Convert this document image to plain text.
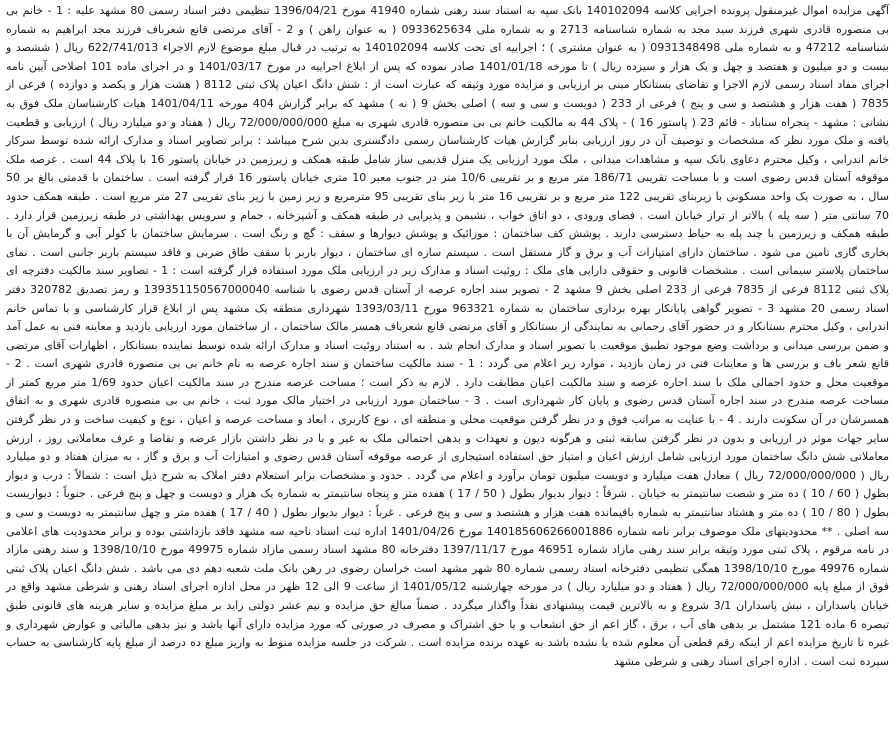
آگهی مزایده اموال غیرمنقول پرونده اجرایی کلاسه 140102094 بانک سپه به استناد سند رهنی شماره 41940 مورخ 1396/04/21 تنظیمی دفتر اسناد رسمی 80 مشهد علیه : 1 - خانم بی بی منصوره قادری شهری فرزند سید مجد به شماره شناسنامه 2713 و به شماره ملی 0933625634 ( به عنوان راهن ) و 2 - آقای مرتضی قانع شعرباف فرزند مجد ابراهیم به شماره شناسنامه 47212 و به شماره ملی 0931348498 ( به عنوان مشتری ) ؛ اجراییه ای تحت کلاسه 140102094 به ترتیب در قبال مبلغ موضوع لازم الاجراء 622/741/013 ریال ( ششصد و بیست و دو میلیون و هفتصد و چهل و یک هزار و سیزده ریال ) تا مورخه 1401/01/18 صادر نموده که پس از ابلاغ اجراییه در مورخ 1401/03/17 و در اجرای ماده 101 اصلاحی آیین نامه اجرای مفاد اسناد رسمی لازم الاجرا و تقاضای بستانکار مبنی بر ارزیابی و مزایده مورد وثیقه که عبارت است از : شش دانگ اعیان پلاک ثبتی 8112 ( هشت هزار و یکصد و دوازده ) فرعی از 7835 ( هفت هزار و هشتصد و سی و پنج ) فرعی از 233 ( دویست و سی و سه ) اصلی بخش 9 ( نه ) مشهد که برابر گزارش 404 مورخه 1401/04/11 هیات کارشناسان ملک فوق به نشانی : مشهد - پنجراه سناباد - قائم 23 ( پاستور 16 ) - پلاک 44 به مالکیت خانم بی بی منصوره قادری شهری به مبلغ 72/000/000/000 ریال ( هفتاد و دو میلیارد ریال ) ارزیابی و قطعیت یافته و ملک مورد نظر که مشخصات و توصیف آن در روز ارزیابی بنابر گزارش هیات کارشناسان رسمی دادگستری بدین شرح میباشد : برابر تصاویر اسناد و مدارک ارائه شده توسط سرکار خانم اندرابی ، وکیل محترم دعاوی بانک سپه و مشاهدات میدانی ، ملک مورد ارزیابی یک منزل قدیمی ساز شامل طبقه همکف و زیرزمین در خیابان پاستور 16 با پلاک 44 است . عرصه ملک موقوفه آستان قدس رضوی است و با مساحت تقریبی 186/71 متر مربع و بر تقریبی 10/6 متر در جنوب معبر 10 متری خیابان پاستور 16 قرار گرفته است . ساختمان با قدمتی بالغ بر 50 سال ، به صورت یک واحد مسکونی با زیربنای تقریبی 122 متر مربع و بر تقریبی 16 متر با زیر بنای تقریبی 95 مترمربع و زیر زمین با زیر بنای تقریبی 27 متر مربع است . طبقه همکف حدود 70 سانتی متر ( سه پله ) بالاتر از تراز خیابان است . فضای ورودی ، دو اتاق خواب ، نشیمن و پذیرایی در طبقه همکف و آشپزخانه ، حمام و سرویس بهداشتی در طبقه زیرزمین قرار دارد . طبقه همکف و زیرزمین با چند پله به حیاط دسترسی دارند . پوشش کف ساختمان : موزائیک و پوشش دیوارها و سقف : گچ و رنگ است . سرمایش ساختمان با کولر آبی و گرمایش آن با بخاری گازی تامین می شود . ساختمان دارای امتیازات آب و برق و گاز مستقل است . سیستم سازه ای ساختمان ، دیوار باربر با سقف طاق ضربی و فاقد سیستم باربر جانبی است . نمای ساختمان پلاستر سیمانی است . مشخصات قانونی و حقوقی دارایی های ملک : روئیت اسناد و مدارک زیر در ارزیابی ملک مورد استفاده قرار گرفته است : 1 - تصاویر سند مالکیت دفترچه ای پلاک ثبتی 8112 فرعی از 7835 فرعی از 233 اصلی بخش 9 مشهد 2 - تصویر سند اجاره عرصه از آستان قدس رضوی با شناسه 13935115056700004​0 و رمز تصدیق 320782 دفتر اسناد رسمی 20 مشهد 3 - تصویر گواهی پایانکار بهره برداری ساختمان به شماره 963321 مورخ 1393/03/11 شهرداری منطقه یک مشهد پس از ابلاغ قرار کارشناسی و با تماس خانم اندرابی ، وکیل محترم بستانکار و در حضور آقای رحمانی به نمایندگی از بستانکار و آقای مرتضی قانع شعرباف همسر مالک ساختمان ، از ساختمان مورد ارزیابی بازدید و معاینه فنی به عمل آمد و ضمن بررسی میدانی و برداشت وضع موجود تطبیق موقعیت با تصویر اسناد و مدارک انجام شد . به استناد روئیت اسناد و مدارک ارائه شده توسط نماینده بستانکار ، اظهارات آقای مرتضی قانع شعر باف و بررسی ها و معاینات فنی در زمان بازدید ، موارد زیر اعلام می گردد : 1 - سند مالکیت ساختمان و سند اجاره عرصه به نام خانم بی بی منصوره قادری شهری است . 2 - موقعیت محل و حدود اجمالی ملک با سند اجاره عرصه و سند مالکیت اعیان مطابقت دارد . لازم به ذکر است ؛ مساحت عرصه مندرج در سند مالکیت اعیان حدود 1/69 متر مربع کمتر از مساحت عرصه مندرج در سند اجاره آستان قدس رضوی و پایان کار شهرداری است . 3 - ساختمان مورد ارزیابی در اختیار مالک مورد ثبت ، خانم بی بی منصوره قادری شهری و به اتفاق همسرشان در آن سکونت دارند . 4 - با عنایت به مراتب فوق و در نظر گرفتن موقعیت محلی و منطقه ای ، نوع کاربری ، ابعاد و مساحت عرصه و اعیان ، نوع و کیفیت ساخت و در نظر گرفتن سایر جهات موثر در ارزیابی و بدون در نظر گرفتن سابقه ثبتی و هرگونه دیون و تعهدات و بدهی احتمالی ملک به غیر و با در نظر داشتن بازار عرضه و تقاضا و عرف معاملاتی روز ، ارزش معاملاتی شش دانگ ساختمان مورد ارزیابی شامل ارزش اعیان و امتیاز حق استفاده استیجاری از عرصه موقوفه آستان قدس رضوی و امتیازات آب و برق و گاز ، به میزان هفتاد و دو میلیارد ریال ( 72/000/000/000 ریال ) معادل هفت میلیارد و دویست میلیون تومان برآورد و اعلام می گردد . حدود و مشخصات برابر استعلام دفتر املاک به شرح ذیل است : شمالاً : درب و دیوار بطول ( 60 / 10 ) ده متر و شصت سانتیمتر به خیابان . شرقاً : دیوار بدیوار بطول ( 50 / 17 ) هفده متر و پنجاه سانتیمتر به شماره یک هزار و دویست و چهل و پنج فرعی . جنوباً : دیواریست بطول ( 80 / 10 ) ده متر و هشتاد سانتیمتر به شماره باقیمانده هفت هزار و هشتصد و سی و پنج فرعی . غرباً : دیوار بدیوار بطول ( 40 / 17 ) هفده متر و چهل سانتیمتر به دویست و سی و سه اصلی . ** محدودیتهای ملک موصوف برابر نامه شماره 140185606266001886 مورخ 1401/04/26 اداره ثبت اسناد ناحیه سه مشهد فاقد بازداشتی بوده و برابر محدودیت های اعلامی در نامه مرقوم ، پلاک ثبتی مورد وثیقه برابر سند رهنی مازاد شماره 46951 مورخ 1397/11/17 دفترخانه 80 مشهد اسناد رسمی مازاد شماره 49975 مورخ 1398/10/10 و سند رهنی مازاد شماره 49976 مورخ 1398/10/10 همگی تنظیمی دفترخانه اسناد رسمی شماره 80 شهر مشهد است خراسان رضوی در رهن بانک ملت شعبه دهم دی می باشد . شش دانگ اعیان پلاک ثبتی فوق از مبلغ پایه 72/000/000/000 ریال ( هفتاد و دو میلیارد ریال ) در مورخه چهارشنبه 1401/05/12 از ساعت 9 الی 12 ظهر در محل اداره اجرای اسناد رهنی و شرطی مشهد واقع در خیابان پاسداران ، نبش پاسداران 3/1 شروع و به بالاترین قیمت پیشنهادی نقداً واگذار میگردد . ضمناً مبالغ حق مزایده و نیم عشر دولتی زاید بر مبلغ مزایده و سایر هزینه های قانونی طبق تبصره 6 ماده 121 مشتمل بر بدهی های آب ، برق ، گاز اعم از حق انشعاب و یا حق اشتراک و مصرف در صورتی که مورد مزایده دارای آنها باشد و نیز بدهی مالیاتی و عوارض شهرداری و غیره تا تاریخ مزایده اعم از اینکه رقم قطعی آن معلوم شده یا نشده باشد به عهده برنده مزایده است . شرکت در جلسه مزایده منوط به واریز مبلغ ده درصد از مبلغ پایه کارشناسی به حساب سپرده ثبت است . اداره اجرای اسناد رهنی و شرطی مشهد
